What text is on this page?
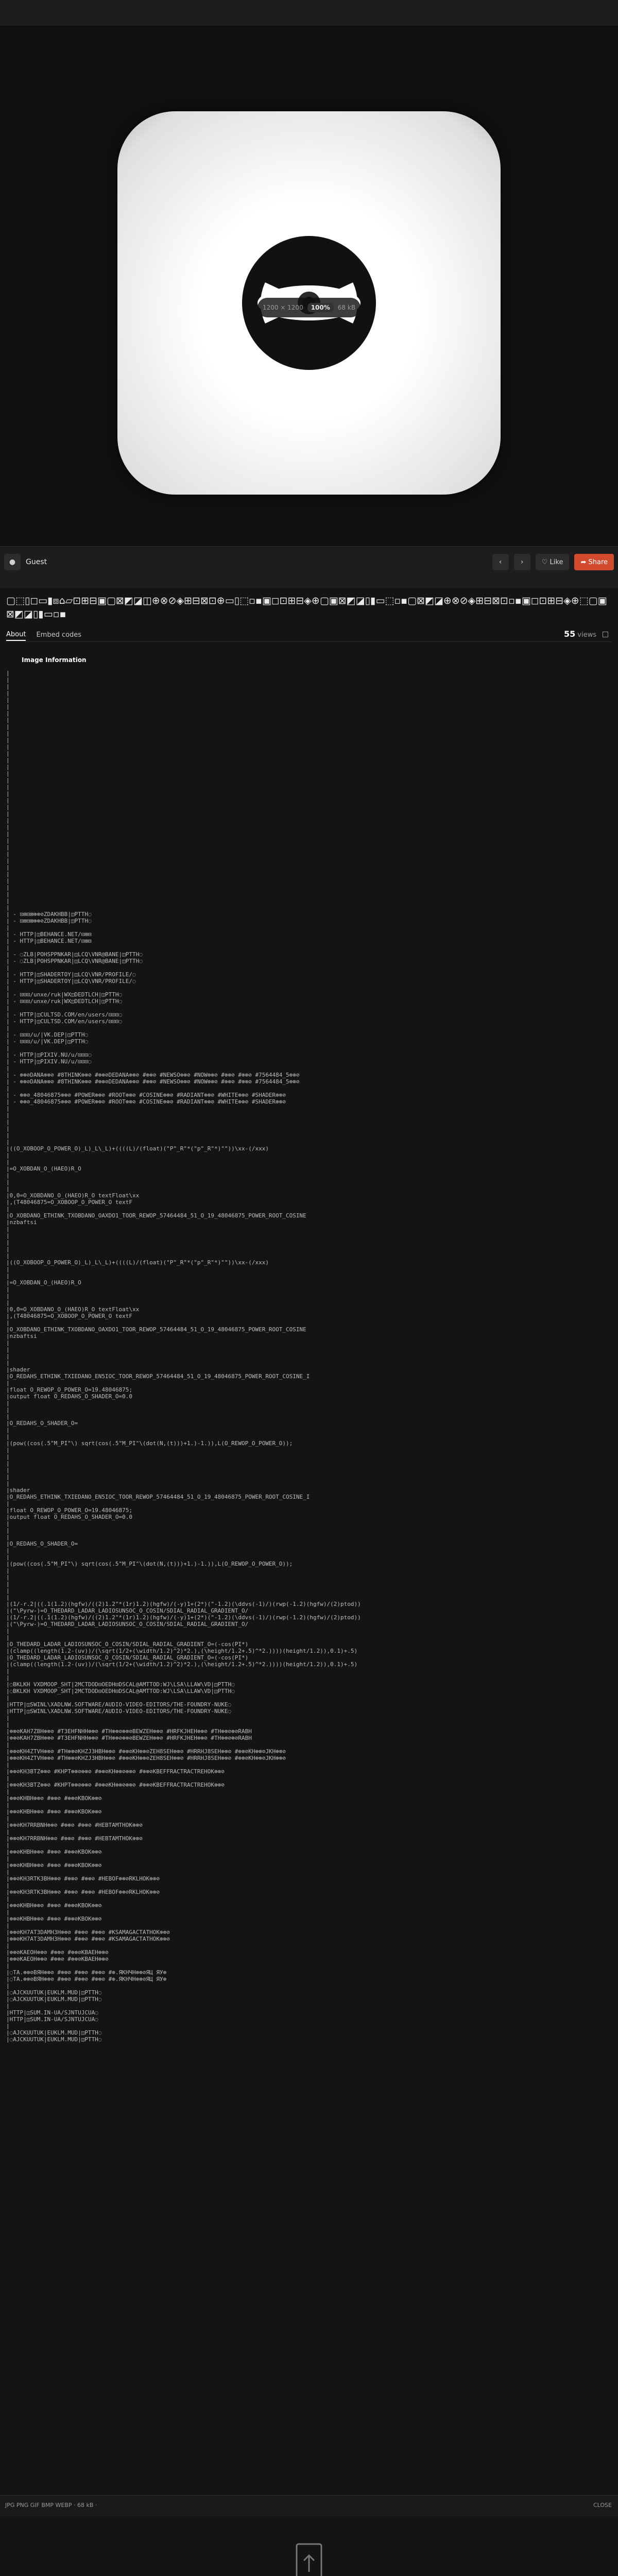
1200 × 1200	100%	68 kB
●	Guest	‹	›	♡ Like	➦ Share
▢⬚▯◻▭▮⧈⌂▱⊡⊞⊟▣▢⊠◩◪◫⊕⊗⊘◈⊞⊟⊠⊡⊕▭▯⬚▫▪▣◻⊡⊞⊟◈⊕▢▣⊠◩◪▯▮▭⬚▫▪▢⊠◩◪⊕⊗⊘◈⊞⊟⊠⊡▫▪▣◻⊡⊞⊟◈⊕⬚▢▣⊠◩◪▯▮▭▫▪
About Embed codes	55 views □
Image Information
|
|
|
|
|
|
|
|
|
|
|
|
|
|
|
|
|
|
|
|
|
|
|
|
|
|
|
|
|
|
|
|
|
|
|
|
| - ⊡⊞⊟⊠⊕⊗⊘ZDAKHBB|◫PTTH◌
| - ⊡⊞⊟⊠⊕⊗⊘ZDAKHBB|◫PTTH◌
|
| - HTTP|◫BEHANCE.NET/⊡⊞⊟
| - HTTP|◫BEHANCE.NET/⊡⊞⊟
|
| - ◌ZLB|POHSPPNKAR|◫LCQ\VNR@BANE|◫PTTH◌
| - ◌ZLB|POHSPPNKAR|◫LCQ\VNR@BANE|◫PTTH◌
|
| - HTTP|◫SHADERTOY|◫LCQ\VNR/PROFILE/◌
| - HTTP|◫SHADERTOY|◫LCQ\VNR/PROFILE/◌
|
| - ⊡⊡⊡/unxe/ruk|WX◫DEDTLCH|◫PTTH◌
| - ⊡⊡⊡/unxe/ruk|WX◫DEDTLCH|◫PTTH◌
|
| - HTTP|◫CULTSD.COM/en/users/⊡⊡⊡◌
| - HTTP|◫CULTSD.COM/en/users/⊡⊡⊡◌
|
| - ⊡⊡⊡/u/|VK.DEP|◫PTTH◌
| - ⊡⊡⊡/u/|VK.DEP|◫PTTH◌
|
| - HTTP|◫PIXIV.NU/u/⊡⊡⊡◌
| - HTTP|◫PIXIV.NU/u/⊡⊡⊡◌
|
| - ⊕⊗⊘DANA⊕⊗⊘ #8THINK⊕⊗⊘ #⊕⊗⊘DEDANA⊕⊗⊘ #⊕⊗⊘ #NEWSO⊕⊗⊘ #NOW⊕⊗⊘ #⊕⊗⊘ #⊕⊗⊘ #7564484_5⊕⊗⊘
| - ⊕⊗⊘DANA⊕⊗⊘ #8THINK⊕⊗⊘ #⊕⊗⊘DEDANA⊕⊗⊘ #⊕⊗⊘ #NEWSO⊕⊗⊘ #NOW⊕⊗⊘ #⊕⊗⊘ #⊕⊗⊘ #7564484_5⊕⊗⊘
|
| - ⊕⊗⊘_48046875⊕⊗⊘ #POWER⊕⊗⊘ #ROOT⊕⊗⊘ #COSINE⊕⊗⊘ #RADIANT⊕⊗⊘ #WHITE⊕⊗⊘ #SHADER⊕⊗⊘
| - ⊕⊗⊘_48046875⊕⊗⊘ #POWER⊕⊗⊘ #ROOT⊕⊗⊘ #COSINE⊕⊗⊘ #RADIANT⊕⊗⊘ #WHITE⊕⊗⊘ #SHADER⊕⊗⊘
|
|
|
|
|
|
|((O_XOBOOP_O_POWER_O)_L)_L\_L)+((((L)/(float)("P"_R"*("p"_R"*)""))\xx-(/xxx)
|
|
|=O_XOBDAN_O_(HAEO)R_O
|
|
|
|0,0=O_XOBDANO_O_(HAEO)R_O textFloat\xx
|,(T48046875=O_XOBOOP_O_POWER_O textF
|
|O_XOBDANO_ETHINK_TXOBDANO_OAXDO1_TOOR_REWOP_57464484_51_O_19_48046875_POWER_ROOT_COSINE
|nzbaftsi
|
|
|
|
|
|((O_XOBOOP_O_POWER_O)_L)_L\_L)+((((L)/(float)("P"_R"*("p"_R"*)""))\xx-(/xxx)
|
|
|=O_XOBDAN_O_(HAEO)R_O
|
|
|
|0,0=O_XOBDANO_O_(HAEO)R_O textFloat\xx
|,(T48046875=O_XOBOOP_O_POWER_O textF
|
|O_XOBDANO_ETHINK_TXOBDANO_OAXDO1_TOOR_REWOP_57464484_51_O_19_48046875_POWER_ROOT_COSINE
|nzbaftsi
|
|
|
|
|shader
|O_REDAHS_ETHINK_TXIEDANO_EN5IOC_TOOR_REWOP_57464484_51_O_19_48046875_POWER_ROOT_COSINE_I
|
|float O_REWOP_O_POWER_O=19.48046875;
|output float O_REDAHS_O_SHADER_O=0.0
|
|
|
|O_REDAHS_O_SHADER_O=
|
|
|(pow((cos(.5"M_PI"\) sqrt(cos(.5"M_PI"\(dot(N,(t)))+1.)-1.)),L(O_REWOP_O_POWER_O));
|
|
|
|
|
|
|shader
|O_REDAHS_ETHINK_TXIEDANO_EN5IOC_TOOR_REWOP_57464484_51_O_19_48046875_POWER_ROOT_COSINE_I
|
|float O_REWOP_O_POWER_O=19.48046875;
|output float O_REDAHS_O_SHADER_O=0.0
|
|
|
|O_REDAHS_O_SHADER_O=
|
|
|(pow((cos(.5"M_PI"\) sqrt(cos(.5"M_PI"\(dot(N,(t)))+1.)-1.)),L(O_REWOP_O_POWER_O));
|
|
|
|
|
|(1/-r.2|((.1(1.2)(hgfw)/((2)1.2"*(1r)1.2)(hgfw)/(-y)1+(2*)("-1.2)(\ddvs(-1)/)(rwp(-1.2)(hgfw)/(2)ptod))
|("\Pyrw-)=O_THEDARD_LADAR_LADIOSUNSOC_O_COSIN/SDIAL_RADIAL_GRADIENT_O/
|(1/-r.2|((.1(1.2)(hgfw)/((2)1.2"*(1r)1.2)(hgfw)/(-y)1+(2*)("-1.2)(\ddvs(-1)/)(rwp(-1.2)(hgfw)/(2)ptod))
|("\Pyrw-)=O_THEDARD_LADAR_LADIOSUNSOC_O_COSIN/SDIAL_RADIAL_GRADIENT_O/
|
|
|O_THEDARD_LADAR_LADIOSUNSOC_O_COSIN/SDIAL_RADIAL_GRADIENT_O=(-cos(PI*)
|(clamp((length(1.2-(uv))/(\sqrt(1/2+(\width/1.2)^2)*2.),(\height/1.2+.5)^*2.))))(height/1.2)),0.1)+.5)
|O_THEDARD_LADAR_LADIOSUNSOC_O_COSIN/SDIAL_RADIAL_GRADIENT_O=(-cos(PI*)
|(clamp((length(1.2-(uv))/(\sqrt(1/2+(\width/1.2)^2)*2.),(\height/1.2+.5)^*2.))))(height/1.2)),0.1)+.5)
|
|
|◌BKLKH VXDMOOP_SHT|2MCTDOD⊡OEDH⊡DSCAL@AMTTOD:WJ\LSA\LLAW\VD|◫PTTH◌
|◌BKLKH VXDMOOP_SHT|2MCTDOD⊡OEDH⊡DSCAL@AMTTOD:WJ\LSA\LLAW\VD|◫PTTH◌
|
|HTTP|◫SWINL\XADLNW.SOFTWARE/AUDIO-VIDEO-EDITORS/THE-FOUNDRY-NUKE◌
|HTTP|◫SWINL\XADLNW.SOFTWARE/AUDIO-VIDEO-EDITORS/THE-FOUNDRY-NUKE◌
|
|
|⊕⊗⊘KAH7ZBH⊕⊗⊘ #T3EHFNHH⊕⊗⊘ #TH⊕⊗⊘⊕⊗⊘BEWZEH⊕⊗⊘ #HRFKJHEH⊕⊗⊘ #TH⊕⊗⊘⊗⊘RABH
|⊕⊗⊘KAH7ZBH⊕⊗⊘ #T3EHFNHH⊕⊗⊘ #TH⊕⊗⊘⊕⊗⊘BEWZEH⊕⊗⊘ #HRFKJHEH⊕⊗⊘ #TH⊕⊗⊘⊗⊘RABH
|
|⊕⊗⊘KH4ZTVH⊕⊗⊘ #TH⊕⊗⊘KHZJ3HBH⊕⊗⊘ #⊕⊗⊘KH⊕⊗⊘ZEH8SEH⊕⊗⊘ #HRRHJ8SEH⊕⊗⊘ #⊕⊗⊘KH⊕⊗⊘JKH⊕⊗⊘
|⊕⊗⊘KH4ZTVH⊕⊗⊘ #TH⊕⊗⊘KHZJ3HBH⊕⊗⊘ #⊕⊗⊘KH⊕⊗⊘ZEH8SEH⊕⊗⊘ #HRRHJ8SEH⊕⊗⊘ #⊕⊗⊘KH⊕⊗⊘JKH⊕⊗⊘
|
|⊕⊗⊘KH3BTZ⊕⊗⊘ #KHPT⊕⊗⊘⊕⊗⊘ #⊕⊗⊘KH⊕⊗⊘⊕⊗⊘ #⊕⊗⊘KBEFFRACTRACTREHOK⊕⊗⊘
|
|⊕⊗⊘KH3BTZ⊕⊗⊘ #KHPT⊕⊗⊘⊕⊗⊘ #⊕⊗⊘KH⊕⊗⊘⊕⊗⊘ #⊕⊗⊘KBEFFRACTRACTREHOK⊕⊗⊘
|
|⊕⊗⊘KHBH⊕⊗⊘ #⊕⊗⊘ #⊕⊗⊘KBOK⊕⊗⊘
|
|⊕⊗⊘KHBH⊕⊗⊘ #⊕⊗⊘ #⊕⊗⊘KBOK⊕⊗⊘
|
|⊕⊗⊘KH7RRBNH⊕⊗⊘ #⊕⊗⊘ #⊕⊗⊘ #HEBTAMTHOK⊕⊗⊘
|
|⊕⊗⊘KH7RRBNH⊕⊗⊘ #⊕⊗⊘ #⊕⊗⊘ #HEBTAMTHOK⊕⊗⊘
|
|⊕⊗⊘KHBH⊕⊗⊘ #⊕⊗⊘ #⊕⊗⊘KBOK⊕⊗⊘
|
|⊕⊗⊘KHBH⊕⊗⊘ #⊕⊗⊘ #⊕⊗⊘KBOK⊕⊗⊘
|
|⊕⊗⊘KH3RTK3BH⊕⊗⊘ #⊕⊗⊘ #⊕⊗⊘ #HEBOF⊕⊗⊘RKLHOK⊕⊗⊘
|
|⊕⊗⊘KH3RTK3BH⊕⊗⊘ #⊕⊗⊘ #⊕⊗⊘ #HEBOF⊕⊗⊘RKLHOK⊕⊗⊘
|
|⊕⊗⊘KHBH⊕⊗⊘ #⊕⊗⊘ #⊕⊗⊘KBOK⊕⊗⊘
|
|⊕⊗⊘KHBH⊕⊗⊘ #⊕⊗⊘ #⊕⊗⊘KBOK⊕⊗⊘
|
|⊕⊗⊘KH7AT3DAMH3H⊕⊗⊘ #⊕⊗⊘ #⊕⊗⊘ #KSAMAGACTATHOK⊕⊗⊘
|⊕⊗⊘KH7AT3DAMH3H⊕⊗⊘ #⊕⊗⊘ #⊕⊗⊘ #KSAMAGACTATHOK⊕⊗⊘
|
|⊕⊗⊘KAEOH⊕⊗⊘ #⊕⊗⊘ #⊕⊗⊘KBAEH⊕⊗⊘
|⊕⊗⊘KAEOH⊕⊗⊘ #⊕⊗⊘ #⊕⊗⊘KBAEH⊕⊗⊘
|
|◌TA.⊕⊗⊘ВЯН⊕⊗⊘ #⊕⊗⊘ #⊕⊗⊘ #⊕⊗⊘ #⊕.ЯКНЧН⊕⊗⊘ЯЦ ЯУ⊕
|◌TA.⊕⊗⊘ВЯН⊕⊗⊘ #⊕⊗⊘ #⊕⊗⊘ #⊕⊗⊘ #⊕.ЯКНЧН⊕⊗⊘ЯЦ ЯУ⊕
|
|◌AJCKUUTUK|EUKLM.MUD|◫PTTH◌
|◌AJCKUUTUK|EUKLM.MUD|◫PTTH◌
|
|HTTP|◫SUM.IN-UA/SJNTUJCUA◌
|HTTP|◫SUM.IN-UA/SJNTUJCUA◌
|
|◌AJCKUUTUK|EUKLM.MUD|◫PTTH◌
|◌AJCKUUTUK|EUKLM.MUD|◫PTTH◌
JPG PNG GIF BMP WEBP · 68 kB ·	CLOSE
